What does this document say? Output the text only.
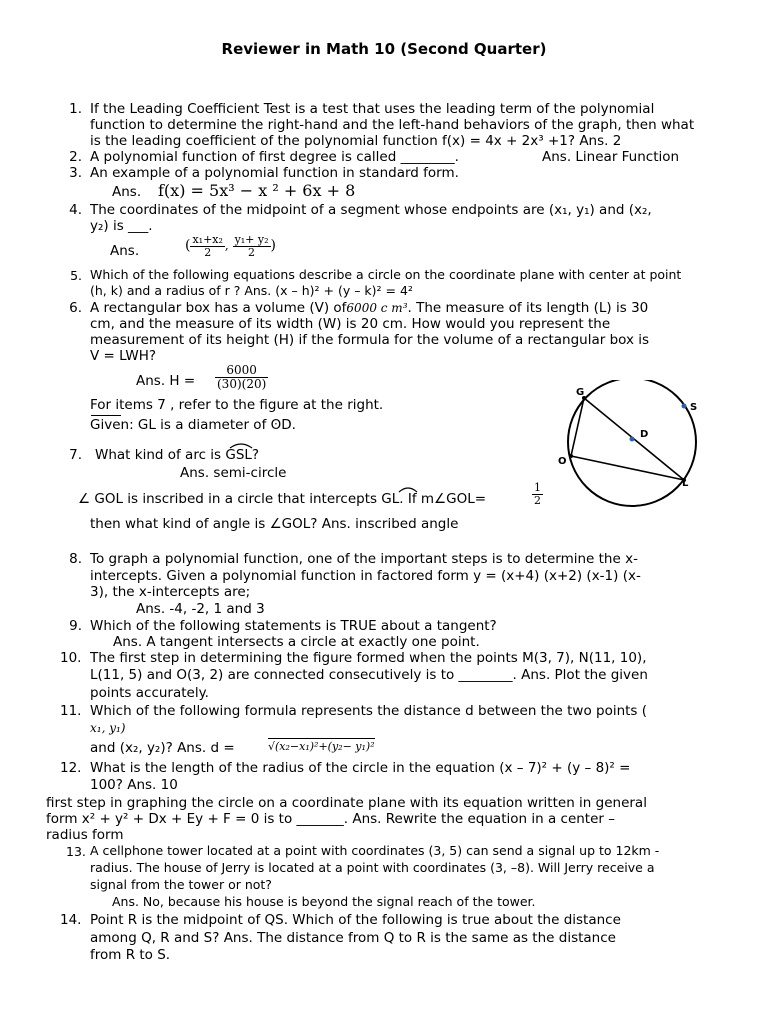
Reviewer in Math 10 (Second Quarter)
1. If the Leading Coefficient Test is a test that uses the leading term of the polynomial
function to determine the right-hand and the left-hand behaviors of the graph, then what
is the leading coefficient of the polynomial function f(x) = 4x + 2x³ +1? Ans. 2
2. A polynomial function of first degree is called ________.	Ans. Linear Function
3. An example of a polynomial function in standard form.
Ans. f(x) = 5x³ − x ² + 6x + 8
4. The coordinates of the midpoint of a segment whose endpoints are (x₁, y₁) and (x₂,
y₂) is ___.
Ans.	( $\frac{\text{x₁+x₂}}{2}$ , $\frac{\text{y₁+ y₂}}{2}$ )
5. Which of the following equations describe a circle on the coordinate plane with center at point
(h, k) and a radius of r ? Ans. (x – h)² + (y – k)² = 4²
6. A rectangular box has a volume (V) of6000 c m³. The measure of its length (L) is 30
cm, and the measure of its width (W) is 20 cm. How would you represent the
measurement of its height (H) if the formula for the volume of a rectangular box is
V = LWH?
Ans. $H = \frac{6000}{(30)(20)}$
For items 7 , refer to the figure at the right.
Given: GL is a diameter of ʘD.
G
S
D
O
L
7. What kind of arc is GSL?
Ans. semi-circle
∠ GOL is inscribed in a circle that intercepts GL. If m∠GOL=	$\frac{1}{2}$
then what kind of angle is ∠GOL? Ans. inscribed angle
8. To graph a polynomial function, one of the important steps is to determine the x-
intercepts. Given a polynomial function in factored form y = (x+4) (x+2) (x-1) (x-
3), the x-intercepts are;
Ans. -4, -2, 1 and 3
9. Which of the following statements is TRUE about a tangent?
Ans. A tangent intersects a circle at exactly one point.
10. The first step in determining the figure formed when the points M(3, 7), N(11, 10),
L(11, 5) and O(3, 2) are connected consecutively is to ________. Ans. Plot the given
points accurately.
11. Which of the following formula represents the distance d between the two points (
x₁, y₁)
and (x₂, y₂)? Ans. d =	√(x₂−x₁)²+(y₂− y₁)²
12. What is the length of the radius of the circle in the equation (x – 7)² + (y – 8)² =
100? Ans. 10
first step in graphing the circle on a coordinate plane with its equation written in general
form x² + y² + Dx + Ey + F = 0 is to _______. Ans. Rewrite the equation in a center –
radius form
13. A cellphone tower located at a point with coordinates (3, 5) can send a signal up to 12km -
radius. The house of Jerry is located at a point with coordinates (3, –8). Will Jerry receive a
signal from the tower or not?
Ans. No, because his house is beyond the signal reach of the tower.
14. Point R is the midpoint of QS. Which of the following is true about the distance
among Q, R and S? Ans. The distance from Q to R is the same as the distance
from R to S.
